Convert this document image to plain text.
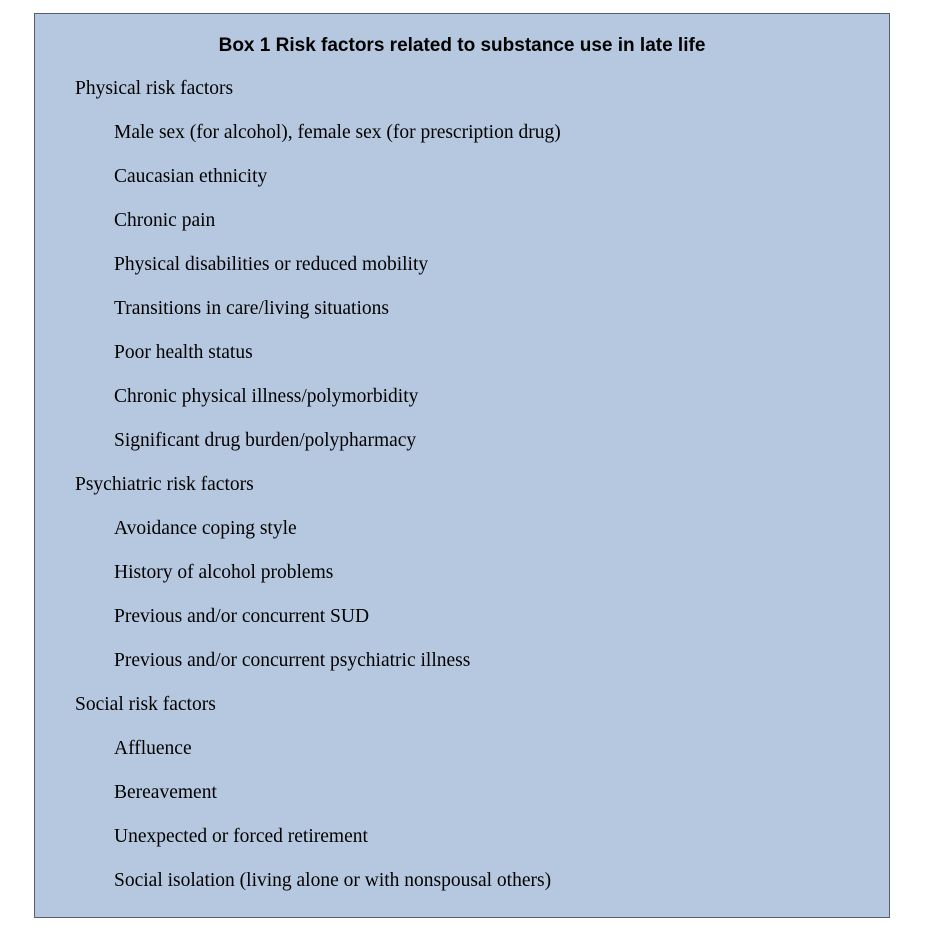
Box 1 Risk factors related to substance use in late life
Physical risk factors
Male sex (for alcohol), female sex (for prescription drug)
Caucasian ethnicity
Chronic pain
Physical disabilities or reduced mobility
Transitions in care/living situations
Poor health status
Chronic physical illness/polymorbidity
Significant drug burden/polypharmacy
Psychiatric risk factors
Avoidance coping style
History of alcohol problems
Previous and/or concurrent SUD
Previous and/or concurrent psychiatric illness
Social risk factors
Affluence
Bereavement
Unexpected or forced retirement
Social isolation (living alone or with nonspousal others)
